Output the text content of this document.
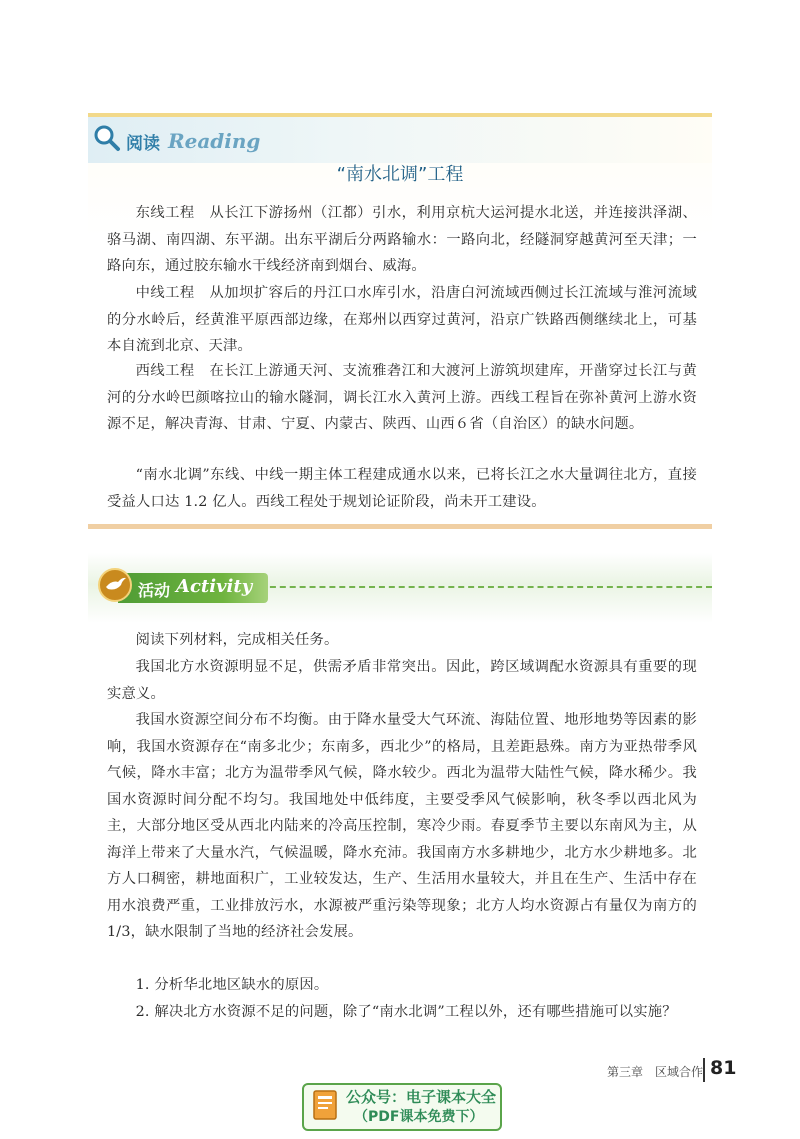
阅读 Reading
“南水北调”工程

东线工程　从长江下游扬州（江都）引水，利用京杭大运河提水北送，并连接洪泽湖、骆马湖、南四湖、东平湖。出东平湖后分两路输水：一路向北，经隧洞穿越黄河至天津；一路向东，通过胶东输水干线经济南到烟台、威海。

中线工程　从加坝扩容后的丹江口水库引水，沿唐白河流域西侧过长江流域与淮河流域的分水岭后，经黄淮平原西部边缘，在郑州以西穿过黄河，沿京广铁路西侧继续北上，可基本自流到北京、天津。

西线工程　在长江上游通天河、支流雅砻江和大渡河上游筑坝建库，开凿穿过长江与黄河的分水岭巴颜喀拉山的输水隧洞，调长江水入黄河上游。西线工程旨在弥补黄河上游水资源不足，解决青海、甘肃、宁夏、内蒙古、陕西、山西６省（自治区）的缺水问题。

“南水北调”东线、中线一期主体工程建成通水以来，已将长江之水大量调往北方，直接受益人口达 1.2 亿人。西线工程处于规划论证阶段，尚未开工建设。

活动 Activity

阅读下列材料，完成相关任务。

我国北方水资源明显不足，供需矛盾非常突出。因此，跨区域调配水资源具有重要的现实意义。

我国水资源空间分布不均衡。由于降水量受大气环流、海陆位置、地形地势等因素的影响，我国水资源存在“南多北少；东南多，西北少”的格局，且差距悬殊。南方为亚热带季风气候，降水丰富；北方为温带季风气候，降水较少。西北为温带大陆性气候，降水稀少。我国水资源时间分配不均匀。我国地处中低纬度，主要受季风气候影响，秋冬季以西北风为主，大部分地区受从西北内陆来的冷高压控制，寒冷少雨。春夏季节主要以东南风为主，从海洋上带来了大量水汽，气候温暖，降水充沛。我国南方水多耕地少，北方水少耕地多。北方人口稠密，耕地面积广，工业较发达，生产、生活用水量较大，并且在生产、生活中存在用水浪费严重，工业排放污水，水源被严重污染等现象；北方人均水资源占有量仅为南方的 1/3，缺水限制了当地的经济社会发展。

1. 分析华北地区缺水的原因。

2. 解决北方水资源不足的问题，除了“南水北调”工程以外，还有哪些措施可以实施？

第三章　区域合作 81
公众号：电子课本大全
（PDF课本免费下）
